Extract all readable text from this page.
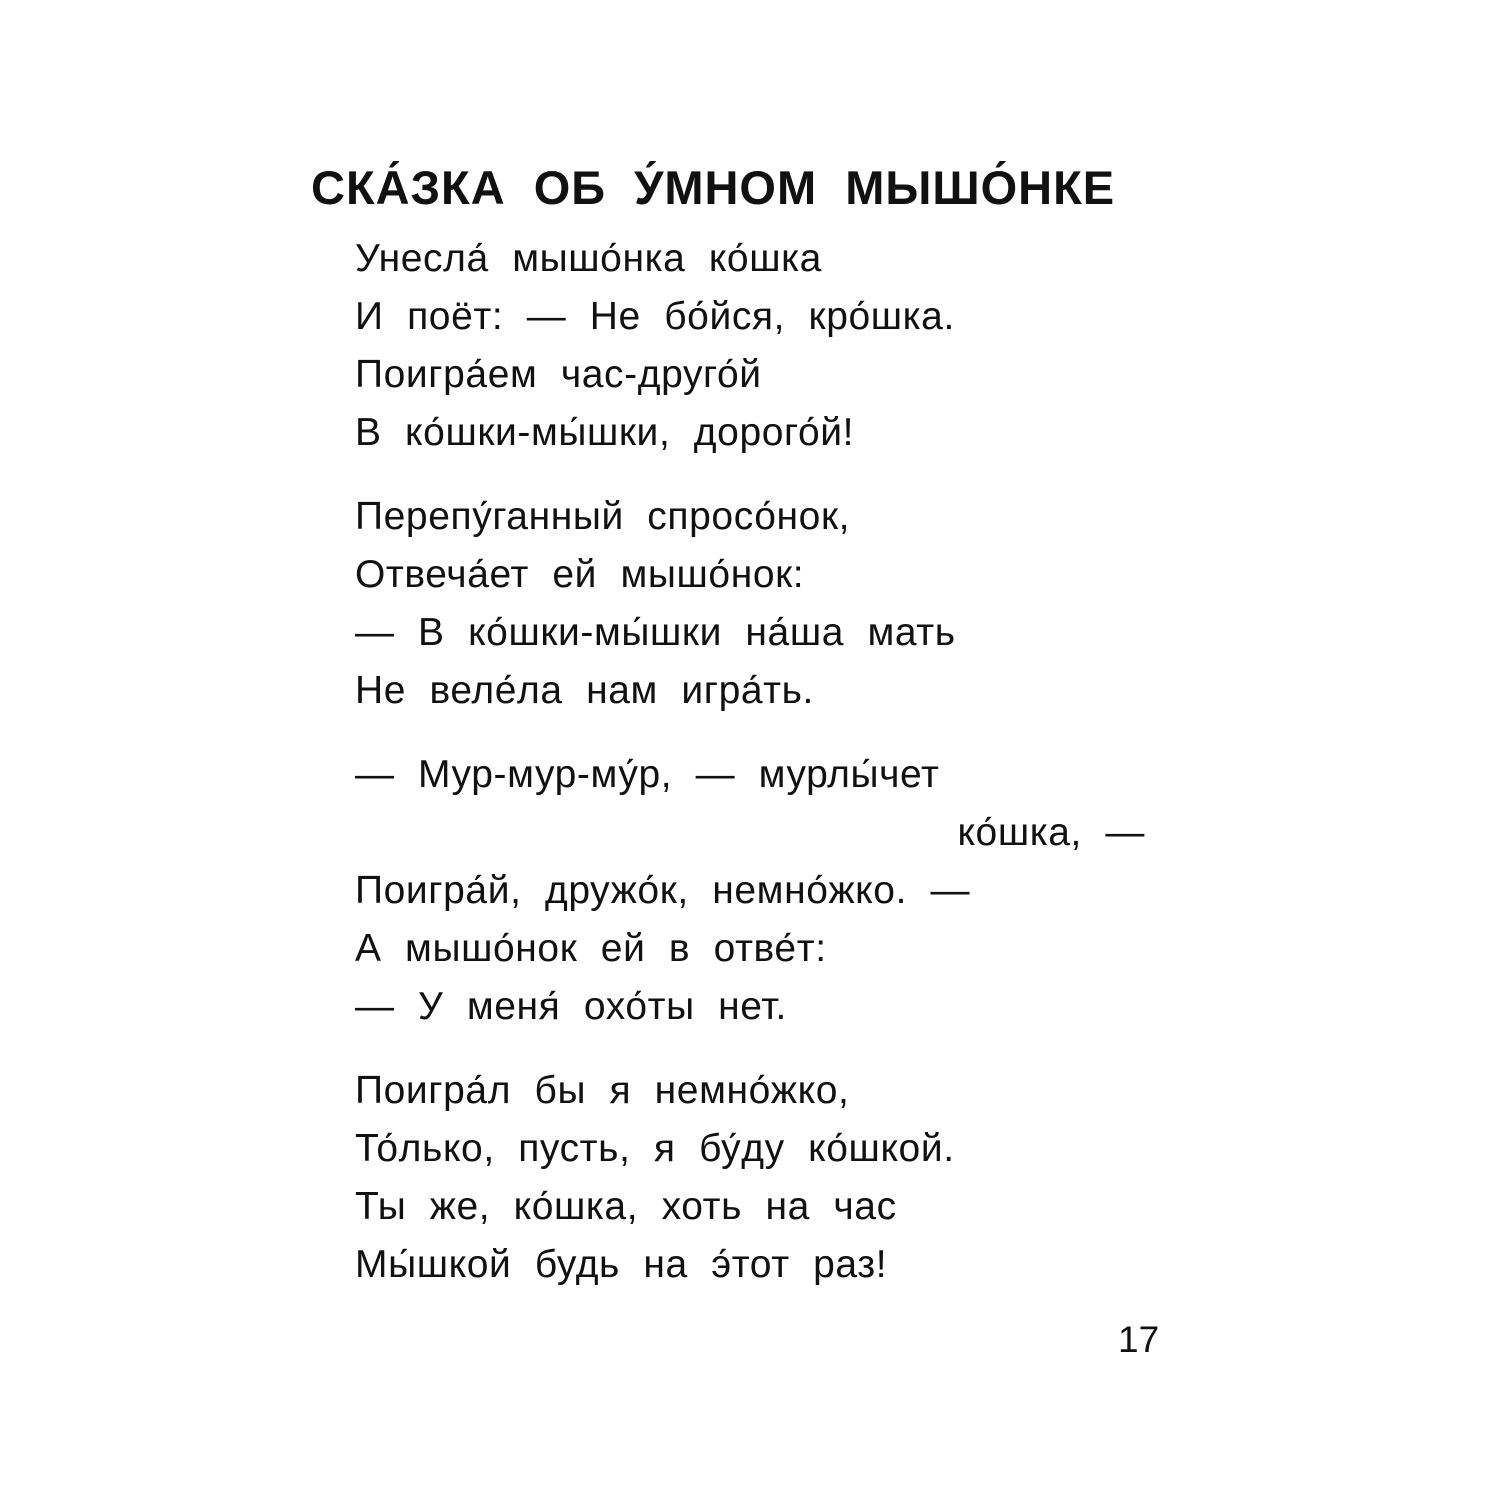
СКА́ЗКА ОБ У́МНОМ МЫШО́НКЕ
Унесла́ мышо́нка ко́шка
И поёт: — Не бо́йся, кро́шка.
Поигра́ем час-друго́й
В ко́шки-мы́шки, дорого́й!
Перепу́ганный спросо́нок,
Отвеча́ет ей мышо́нок:
— В ко́шки-мы́шки на́ша мать
Не веле́ла нам игра́ть.
— Мур-мур-му́р, — мурлы́чет
ко́шка, —
Поигра́й, дружо́к, немно́жко. —
А мышо́нок ей в отве́т:
— У меня́ охо́ты нет.
Поигра́л бы я немно́жко,
То́лько, пусть, я бу́ду ко́шкой.
Ты же, ко́шка, хоть на час
Мы́шкой будь на э́тот раз!
17
